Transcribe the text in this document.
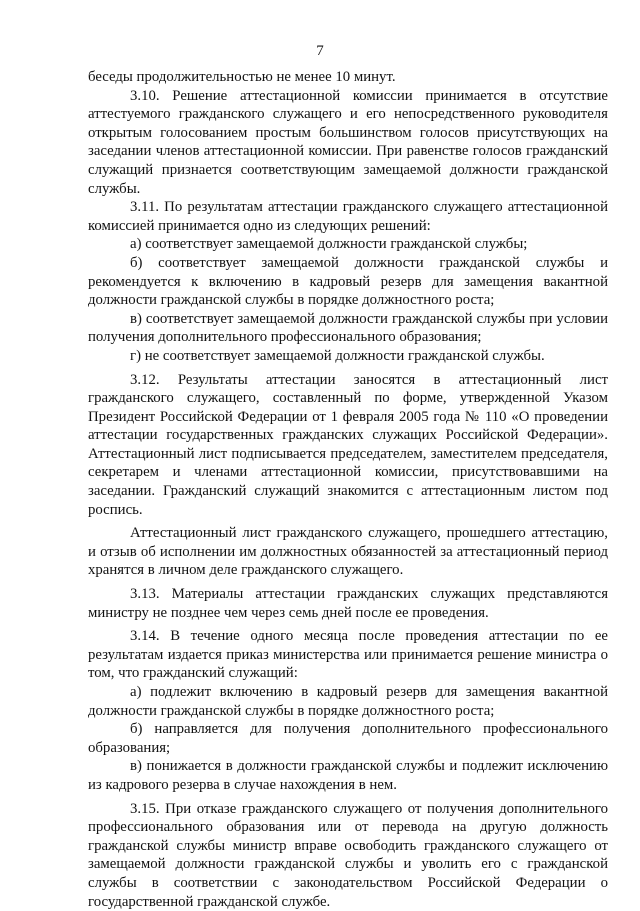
7

беседы продолжительностью не менее 10 минут.

3.10. Решение аттестационной комиссии принимается в отсутствие аттестуемого гражданского служащего и его непосредственного руководителя открытым голосованием простым большинством голосов присутствующих на заседании членов аттестационной комиссии. При равенстве голосов гражданский служащий признается соответствующим замещаемой должности гражданской службы.

3.11. По результатам аттестации гражданского служащего аттестационной комиссией принимается одно из следующих решений:

а) соответствует замещаемой должности гражданской службы;

б) соответствует замещаемой должности гражданской службы и рекомендуется к включению в кадровый резерв для замещения вакантной должности гражданской службы в порядке должностного роста;

в) соответствует замещаемой должности гражданской службы при условии получения дополнительного профессионального образования;

г) не соответствует замещаемой должности гражданской службы.

3.12. Результаты аттестации заносятся в аттестационный лист гражданского служащего, составленный по форме, утвержденной Указом Президент Российской Федерации от 1 февраля 2005 года № 110 «О проведении аттестации государственных гражданских служащих Российской Федерации». Аттестационный лист подписывается председателем, заместителем председателя, секретарем и членами аттестационной комиссии, присутствовавшими на заседании. Гражданский служащий знакомится с аттестационным листом под роспись.

Аттестационный лист гражданского служащего, прошедшего аттестацию, и отзыв об исполнении им должностных обязанностей за аттестационный период хранятся в личном деле гражданского служащего.

3.13. Материалы аттестации гражданских служащих представляются министру не позднее чем через семь дней после ее проведения.

3.14. В течение одного месяца после проведения аттестации по ее результатам издается приказ министерства или принимается решение министра о том, что гражданский служащий:

а) подлежит включению в кадровый резерв для замещения вакантной должности гражданской службы в порядке должностного роста;

б) направляется для получения дополнительного профессионального образования;

в) понижается в должности гражданской службы и подлежит исключению из кадрового резерва в случае нахождения в нем.

3.15. При отказе гражданского служащего от получения дополнительного профессионального образования или от перевода на другую должность гражданской службы министр вправе освободить гражданского служащего от замещаемой должности гражданской службы и уволить его с гражданской службы в соответствии с законодательством Российской Федерации о государственной гражданской службе.
